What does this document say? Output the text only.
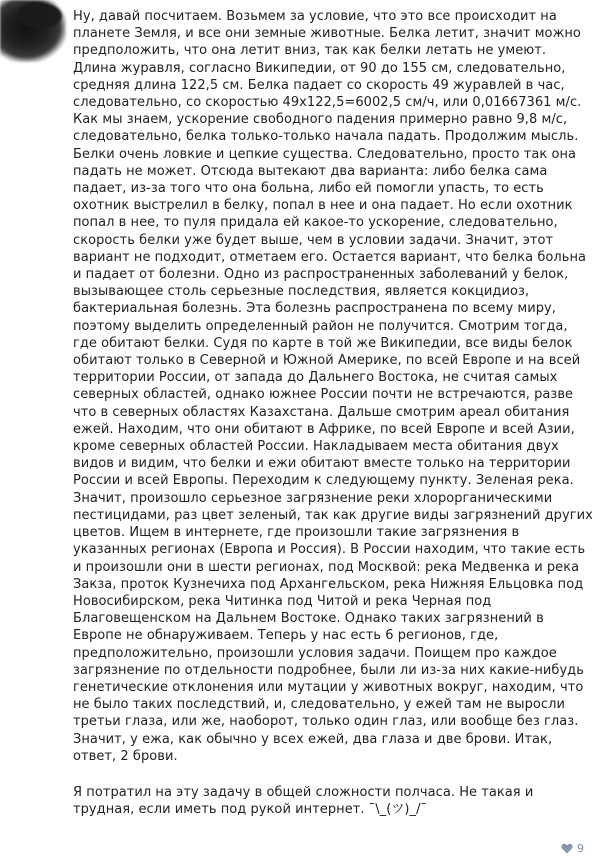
Ну, давай посчитаем. Возьмем за условие, что это все происходит на планете Земля, и все они земные животные. Белка летит, значит можно предположить, что она летит вниз, так как белки летать не умеют. Длина журавля, согласно Википедии, от 90 до 155 см, следовательно, средняя длина 122,5 см. Белка падает со скорость 49 журавлей в час, следовательно, со скоростью 49x122,5=6002,5 см/ч, или 0,01667361 м/с. Как мы знаем, ускорение свободного падения примерно равно 9,8 м/с, следовательно, белка только-только начала падать. Продолжим мысль. Белки очень ловкие и цепкие существа. Следовательно, просто так она падать не может. Отсюда вытекают два варианта: либо белка сама падает, из-за того что она больна, либо ей помогли упасть, то есть охотник выстрелил в белку, попал в нее и она падает. Но если охотник попал в нее, то пуля придала ей какое-то ускорение, следовательно, скорость белки уже будет выше, чем в условии задачи. Значит, этот вариант не подходит, отметаем его. Остается вариант, что белка больна и падает от болезни. Одно из распространенных заболеваний у белок, вызывающее столь серьезные последствия, является кокцидиоз, бактериальная болезнь. Эта болезнь распространена по всему миру, поэтому выделить определенный район не получится. Смотрим тогда, где обитают белки. Судя по карте в той же Википедии, все виды белок обитают только в Северной и Южной Америке, по всей Европе и на всей территории России, от запада до Дальнего Востока, не считая самых северных областей, однако южнее России почти не встречаются, разве что в северных областях Казахстана. Дальше смотрим ареал обитания ежей. Находим, что они обитают в Африке, по всей Европе и всей Азии, кроме северных областей России. Накладываем места обитания двух видов и видим, что белки и ежи обитают вместе только на территории России и всей Европы. Переходим к следующему пункту. Зеленая река. Значит, произошло серьезное загрязнение реки хлорорганическими пестицидами, раз цвет зеленый, так как другие виды загрязнений других цветов. Ищем в интернете, где произошли такие загрязнения в указанных регионах (Европа и Россия). В России находим, что такие есть и произошли они в шести регионах, под Москвой: река Медвенка и река Закза, проток Кузнечиха под Архангельском, река Нижняя Ельцовка под Новосибирском, река Читинка под Читой и река Черная под Благовещенском на Дальнем Востоке. Однако таких загрязнений в Европе не обнаруживаем. Теперь у нас есть 6 регионов, где, предположительно, произошли условия задачи. Поищем про каждое загрязнение по отдельности подробнее, были ли из-за них какие-нибудь генетические отклонения или мутации у животных вокруг, находим, что не было таких последствий, и, следовательно, у ежей там не выросли третьи глаза, или же, наоборот, только один глаз, или вообще без глаз. Значит, у ежа, как обычно у всех ежей, два глаза и две брови. Итак, ответ, 2 брови.

Я потратил на эту задачу в общей сложности полчаса. Не такая и трудная, если иметь под рукой интернет. ¯\_(ツ)_/¯

9
